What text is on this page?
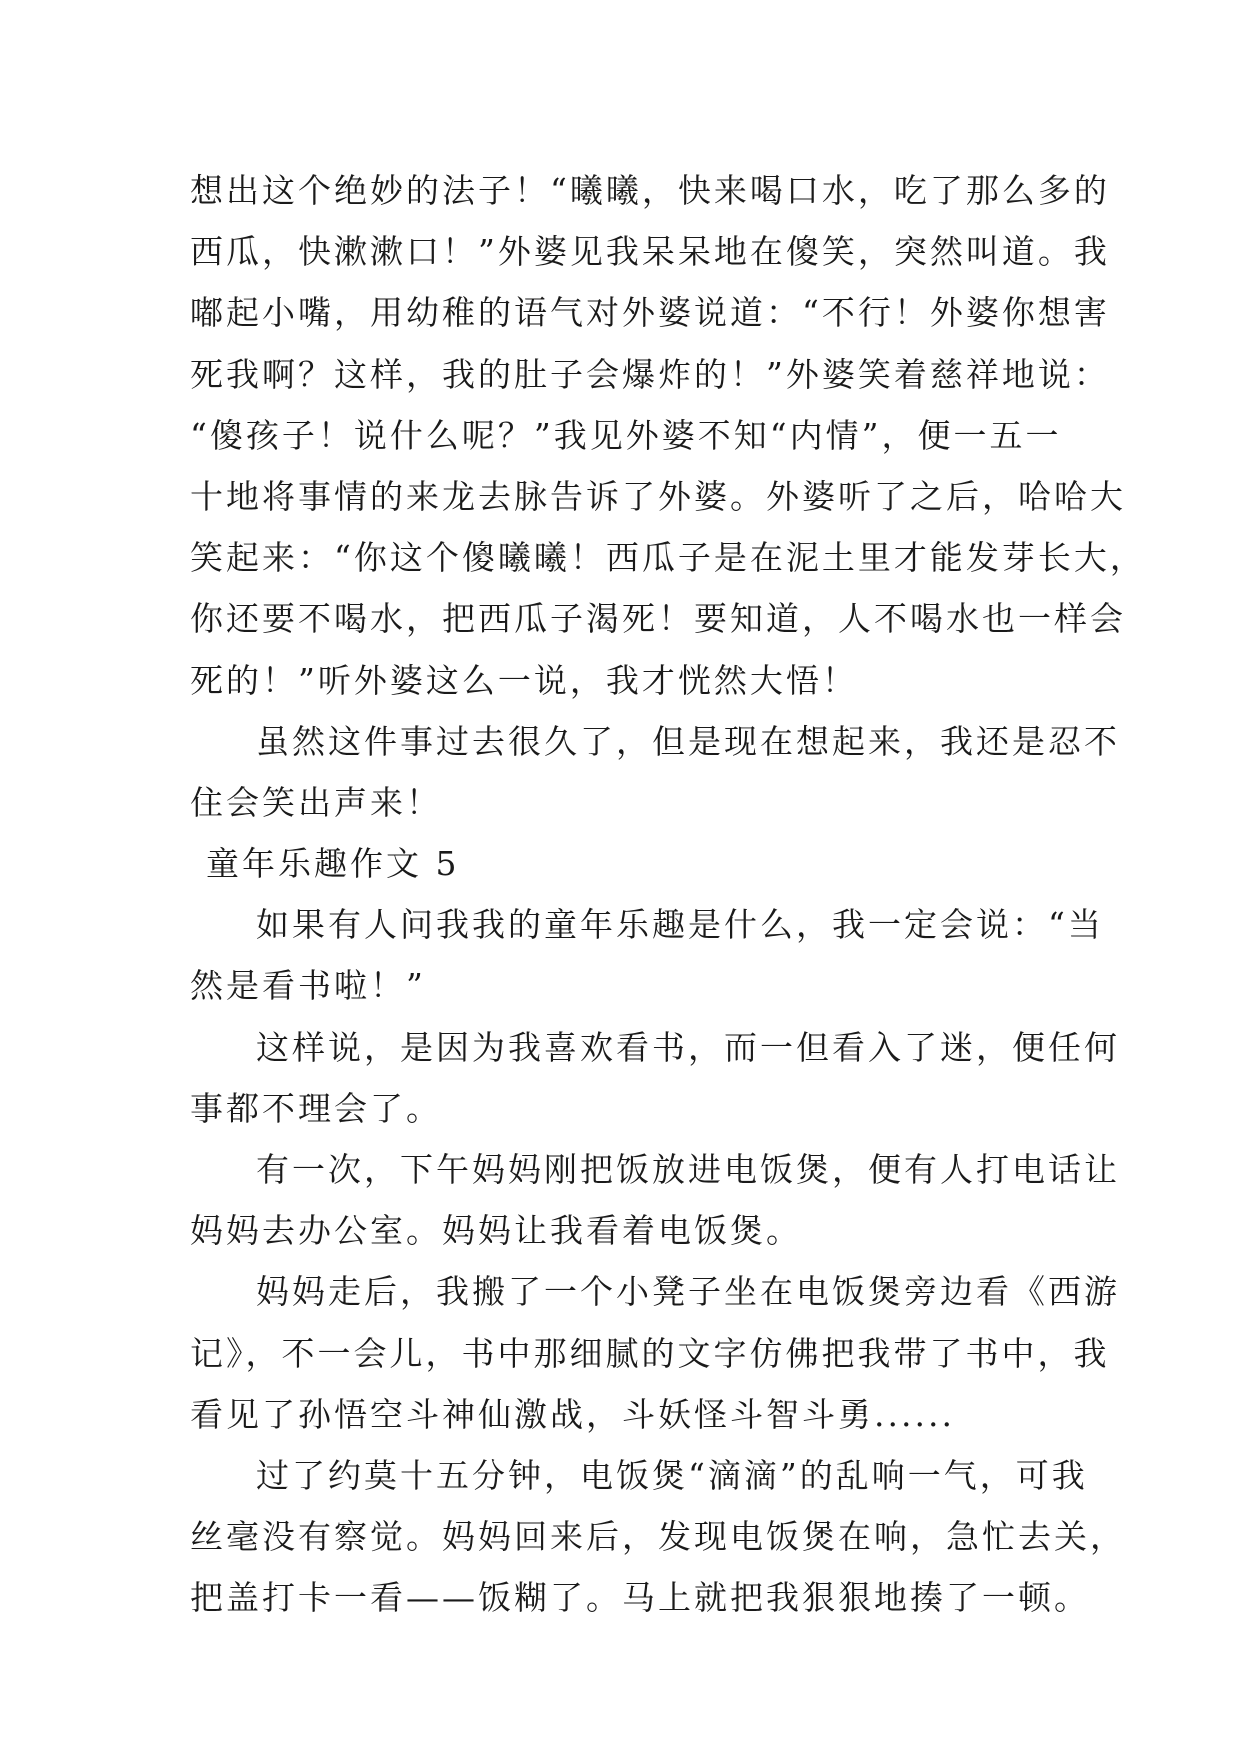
想出这个绝妙的法子！“曦曦，快来喝口水，吃了那么多的
西瓜，快漱漱口！”外婆见我呆呆地在傻笑，突然叫道。我
嘟起小嘴，用幼稚的语气对外婆说道：“不行！外婆你想害
死我啊？这样，我的肚子会爆炸的！”外婆笑着慈祥地说：
“傻孩子！说什么呢？”我见外婆不知“内情”，便一五一
十地将事情的来龙去脉告诉了外婆。外婆听了之后，哈哈大
笑起来：“你这个傻曦曦！西瓜子是在泥土里才能发芽长大，
你还要不喝水，把西瓜子渴死！要知道，人不喝水也一样会
死的！”听外婆这么一说，我才恍然大悟！
虽然这件事过去很久了，但是现在想起来，我还是忍不
住会笑出声来！
童年乐趣作文 5
如果有人问我我的童年乐趣是什么，我一定会说：“当
然是看书啦！”
这样说，是因为我喜欢看书，而一但看入了迷，便任何
事都不理会了。
有一次，下午妈妈刚把饭放进电饭煲，便有人打电话让
妈妈去办公室。妈妈让我看着电饭煲。
妈妈走后，我搬了一个小凳子坐在电饭煲旁边看《西游
记》，不一会儿，书中那细腻的文字仿佛把我带了书中，我
看见了孙悟空斗神仙激战，斗妖怪斗智斗勇......
过了约莫十五分钟，电饭煲“滴滴”的乱响一气，可我
丝毫没有察觉。妈妈回来后，发现电饭煲在响，急忙去关，
把盖打卡一看——饭糊了。马上就把我狠狠地揍了一顿。
